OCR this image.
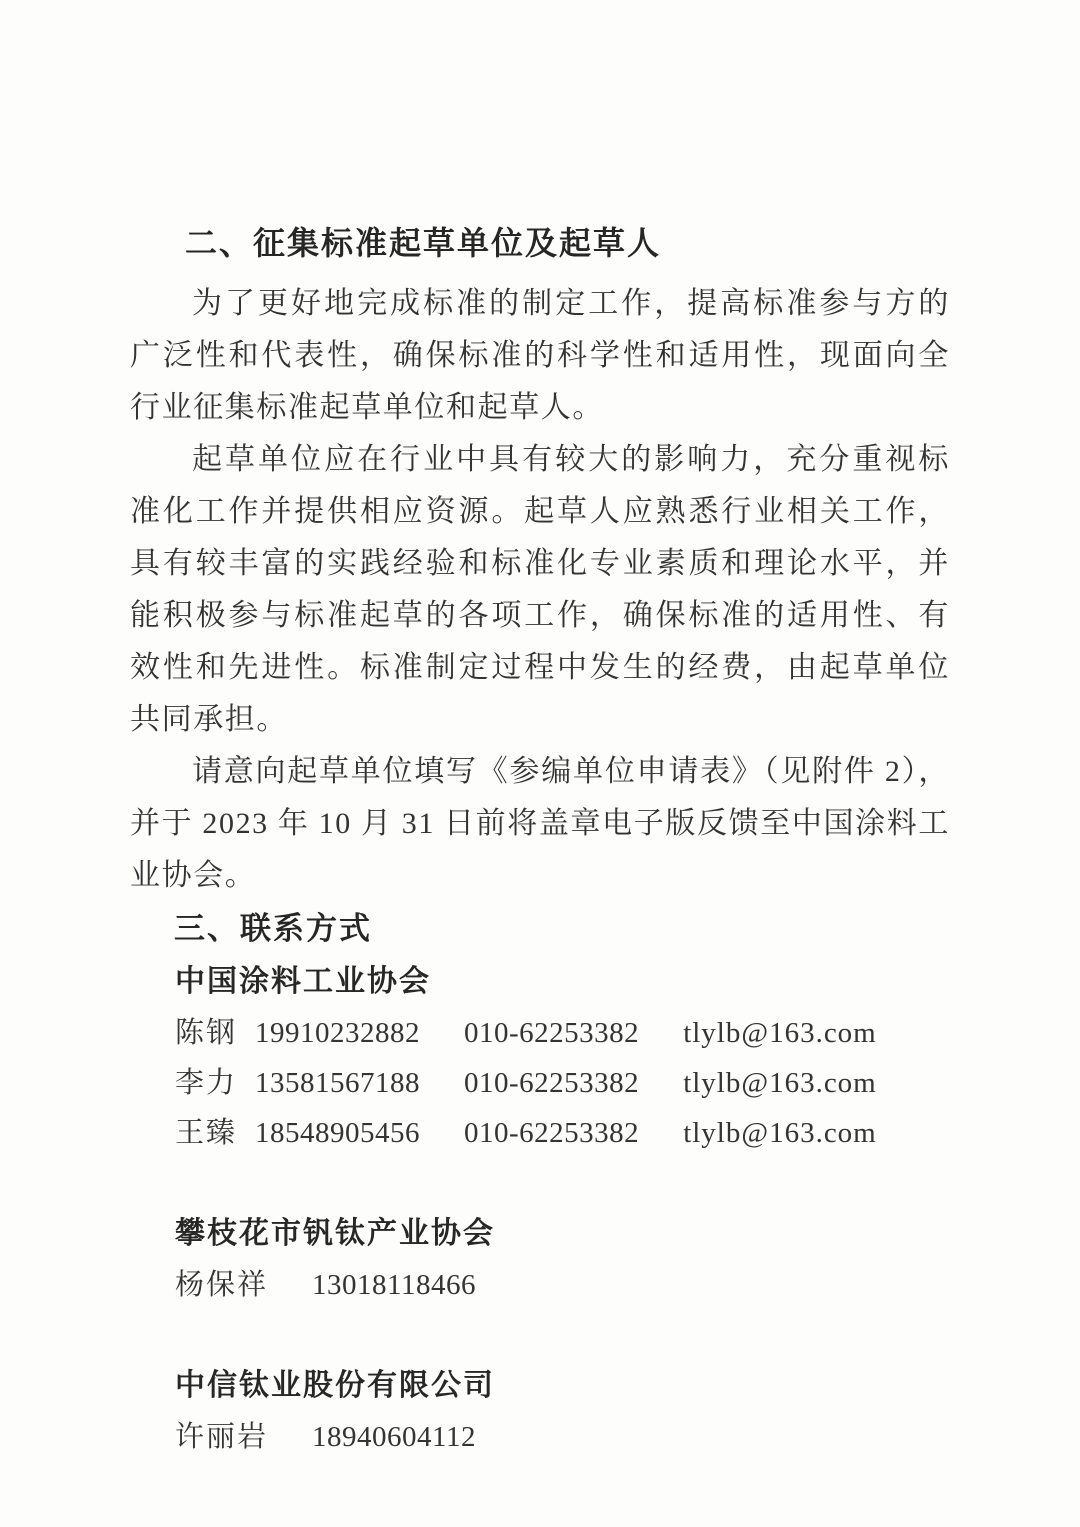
二、征集标准起草单位及起草人

为了更好地完成标准的制定工作，提高标准参与方的广泛性和代表性，确保标准的科学性和适用性，现面向全行业征集标准起草单位和起草人。

起草单位应在行业中具有较大的影响力，充分重视标准化工作并提供相应资源。起草人应熟悉行业相关工作，具有较丰富的实践经验和标准化专业素质和理论水平，并能积极参与标准起草的各项工作，确保标准的适用性、有效性和先进性。标准制定过程中发生的经费，由起草单位共同承担。

请意向起草单位填写《参编单位申请表》（见附件 2），并于 2023 年 10 月 31 日前将盖章电子版反馈至中国涂料工业协会。

三、联系方式
中国涂料工业协会
陈钢 19910232882 010-62253382 tlylb@163.com
李力 13581567188 010-62253382 tlylb@163.com
王臻 18548905456 010-62253382 tlylb@163.com
攀枝花市钒钛产业协会
杨保祥 13018118466
中信钛业股份有限公司
许丽岩 18940604112
